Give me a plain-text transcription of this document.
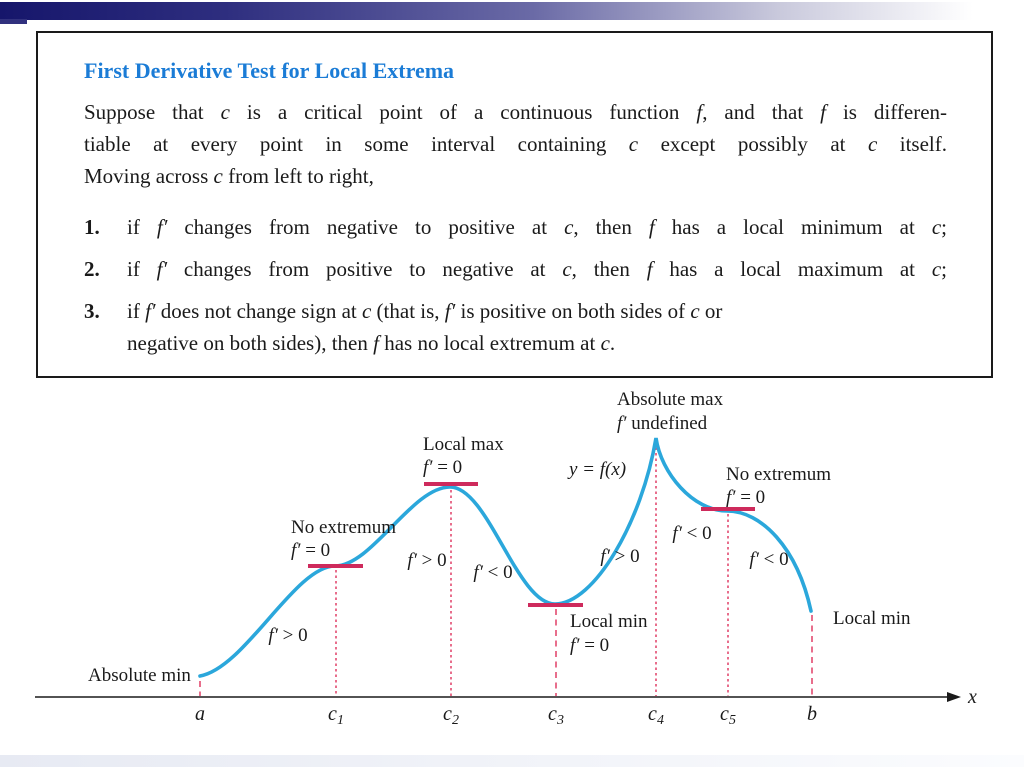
First Derivative Test for Local Extrema
Suppose that c is a critical point of a continuous function f, and that f is differen-
tiable at every point in some interval containing c except possibly at c itself.
Moving across c from left to right,
1.	if f′ changes from negative to positive at c, then f has a local minimum at c;
2.	if f′ changes from positive to negative at c, then f has a local maximum at c;
3.	if f′ does not change sign at c (that is, f′ is positive on both sides of c or
negative on both sides), then f has no local extremum at c.
x
Absolute max
f′ undefined
y = f(x)	No extremum
f′ = 0
Local max
f′ = 0
No extremum
f′ = 0
Local min
f′ = 0
Local min
Absolute min
f′ > 0
f′ > 0
f′ < 0
f′ > 0
f′ < 0
f′ < 0
a	$c_1$	$c_2$	$c_3$	$c_4$	$c_5$	b
